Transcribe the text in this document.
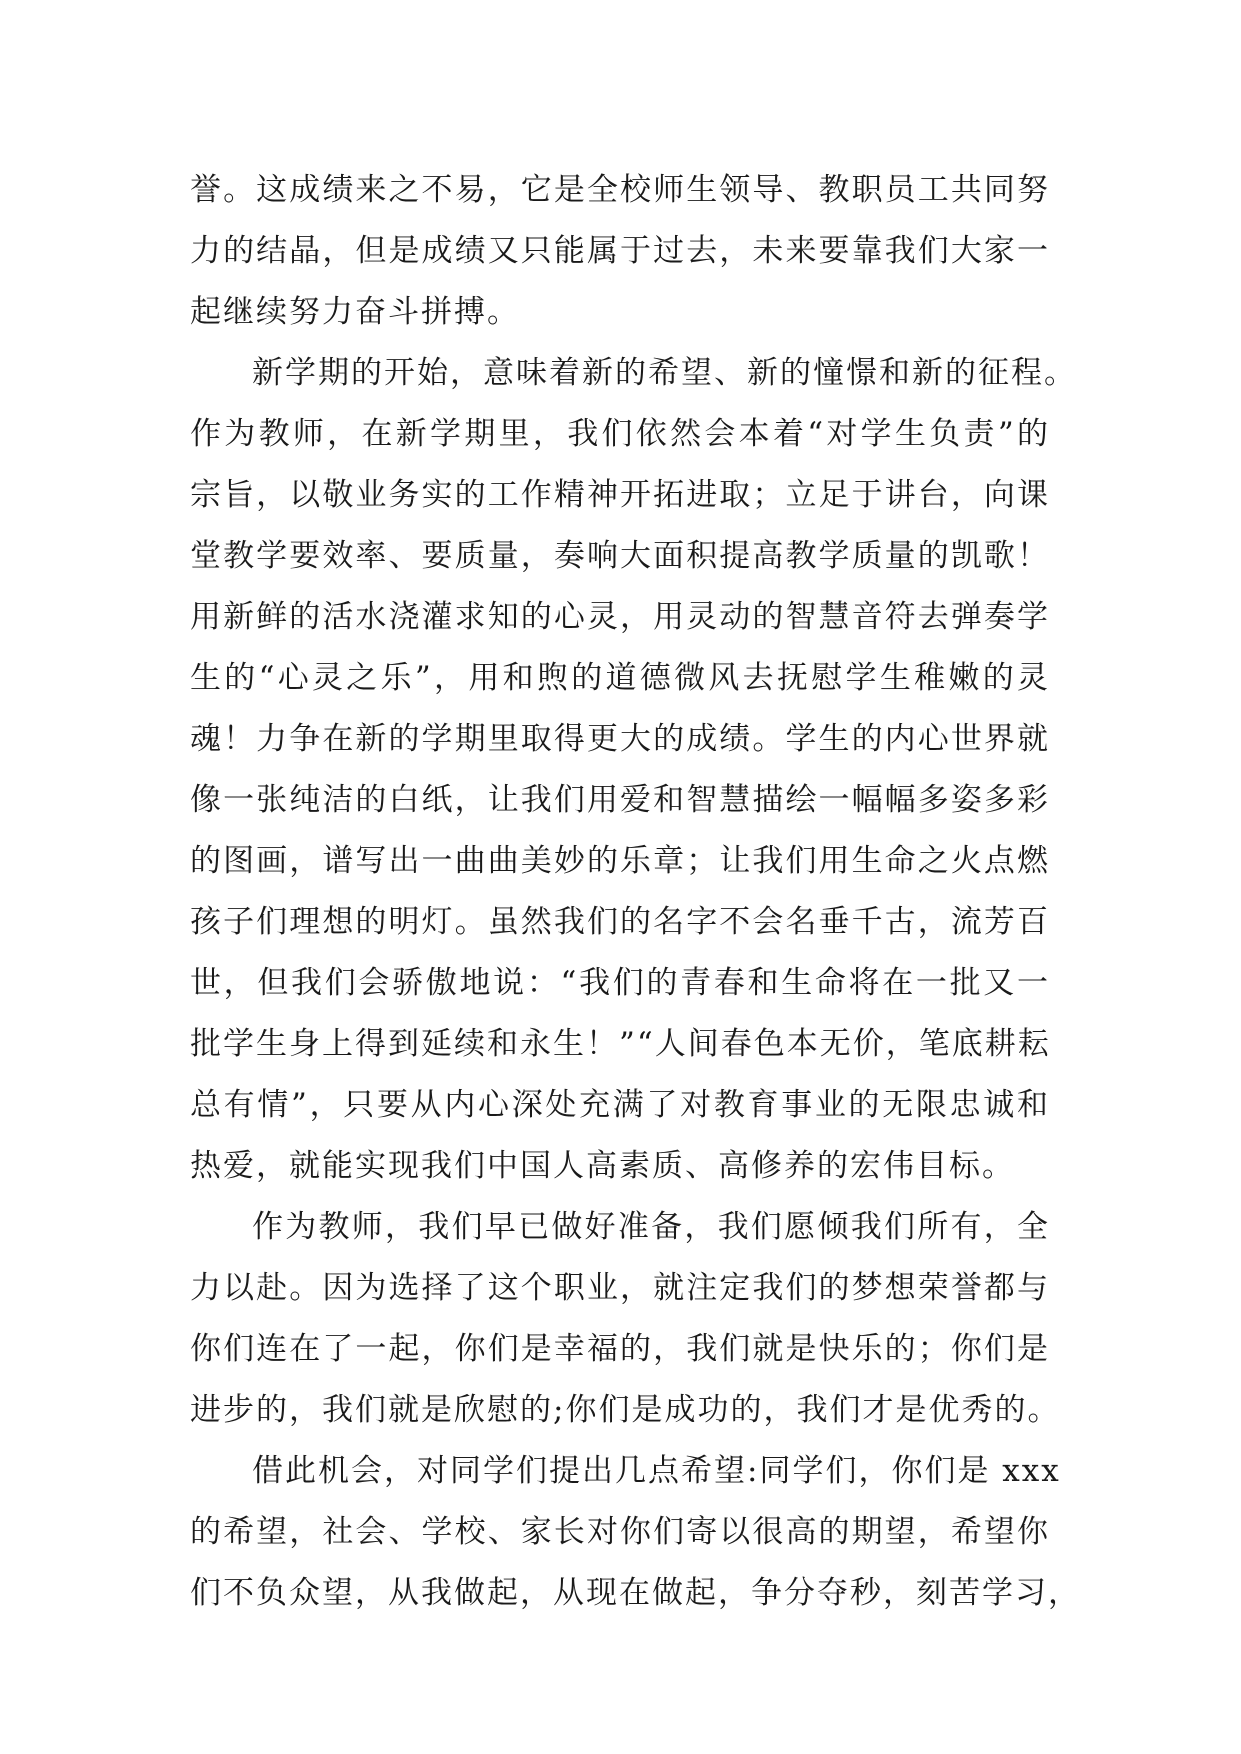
誉。这成绩来之不易，它是全校师生领导、教职员工共同努
力的结晶，但是成绩又只能属于过去，未来要靠我们大家一
起继续努力奋斗拼搏。
新学期的开始，意味着新的希望、新的憧憬和新的征程。
作为教师，在新学期里，我们依然会本着“对学生负责”的
宗旨，以敬业务实的工作精神开拓进取；立足于讲台，向课
堂教学要效率、要质量，奏响大面积提高教学质量的凯歌！
用新鲜的活水浇灌求知的心灵，用灵动的智慧音符去弹奏学
生的“心灵之乐”，用和煦的道德微风去抚慰学生稚嫩的灵
魂！力争在新的学期里取得更大的成绩。学生的内心世界就
像一张纯洁的白纸，让我们用爱和智慧描绘一幅幅多姿多彩
的图画，谱写出一曲曲美妙的乐章；让我们用生命之火点燃
孩子们理想的明灯。虽然我们的名字不会名垂千古，流芳百
世，但我们会骄傲地说：“我们的青春和生命将在一批又一
批学生身上得到延续和永生！”“人间春色本无价，笔底耕耘
总有情”，只要从内心深处充满了对教育事业的无限忠诚和
热爱，就能实现我们中国人高素质、高修养的宏伟目标。
作为教师，我们早已做好准备，我们愿倾我们所有，全
力以赴。因为选择了这个职业，就注定我们的梦想荣誉都与
你们连在了一起，你们是幸福的，我们就是快乐的；你们是
进步的，我们就是欣慰的;你们是成功的，我们才是优秀的。
借此机会，对同学们提出几点希望:同学们，你们是 xxx
的希望，社会、学校、家长对你们寄以很高的期望，希望你
们不负众望，从我做起，从现在做起，争分夺秒，刻苦学习，
